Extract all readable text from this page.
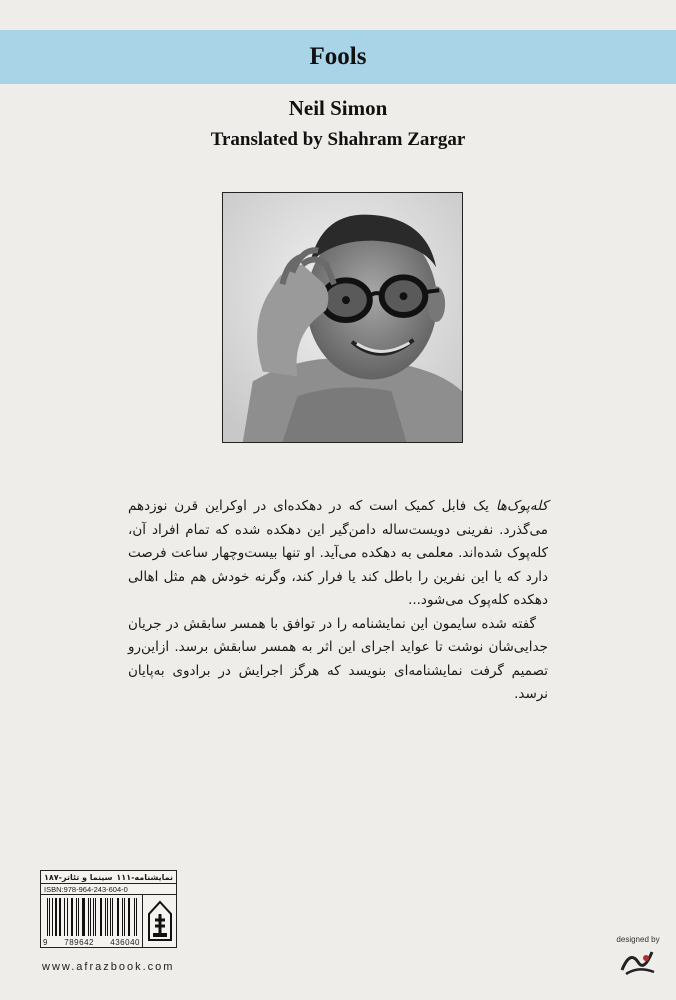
Fools
Neil Simon
Translated by Shahram Zargar

کله‌پوک‌ها یک فابل کمیک است که در دهکده‌ای در اوکراین قرن نوزدهم می‌گذرد. نفرینی دویست‌ساله دامن‌گیر این دهکده شده که تمام افراد آن، کله‌پوک شده‌اند. معلمی به دهکده می‌آید. او تنها بیست‌وچهار ساعت فرصت دارد که یا این نفرین را باطل کند یا فرار کند، وگرنه خودش هم مثل اهالی دهکده کله‌پوک می‌شود...

گفته شده سایمون این نمایشنامه را در توافق با همسر سابقش در جریان جدایی‌شان نوشت تا عواید اجرای این اثر به همسر سابقش برسد. ازاین‌رو تصمیم گرفت نمایشنامه‌ای بنویسد که هرگز اجرایش در برادوی به‌پایان نرسد.

نمایشنامه-۱۱۱
سینما و تئاتر-۱۸۷
ISBN:978-964-243-604-0
9 789642 436040
www.afrazbook.com
designed by
